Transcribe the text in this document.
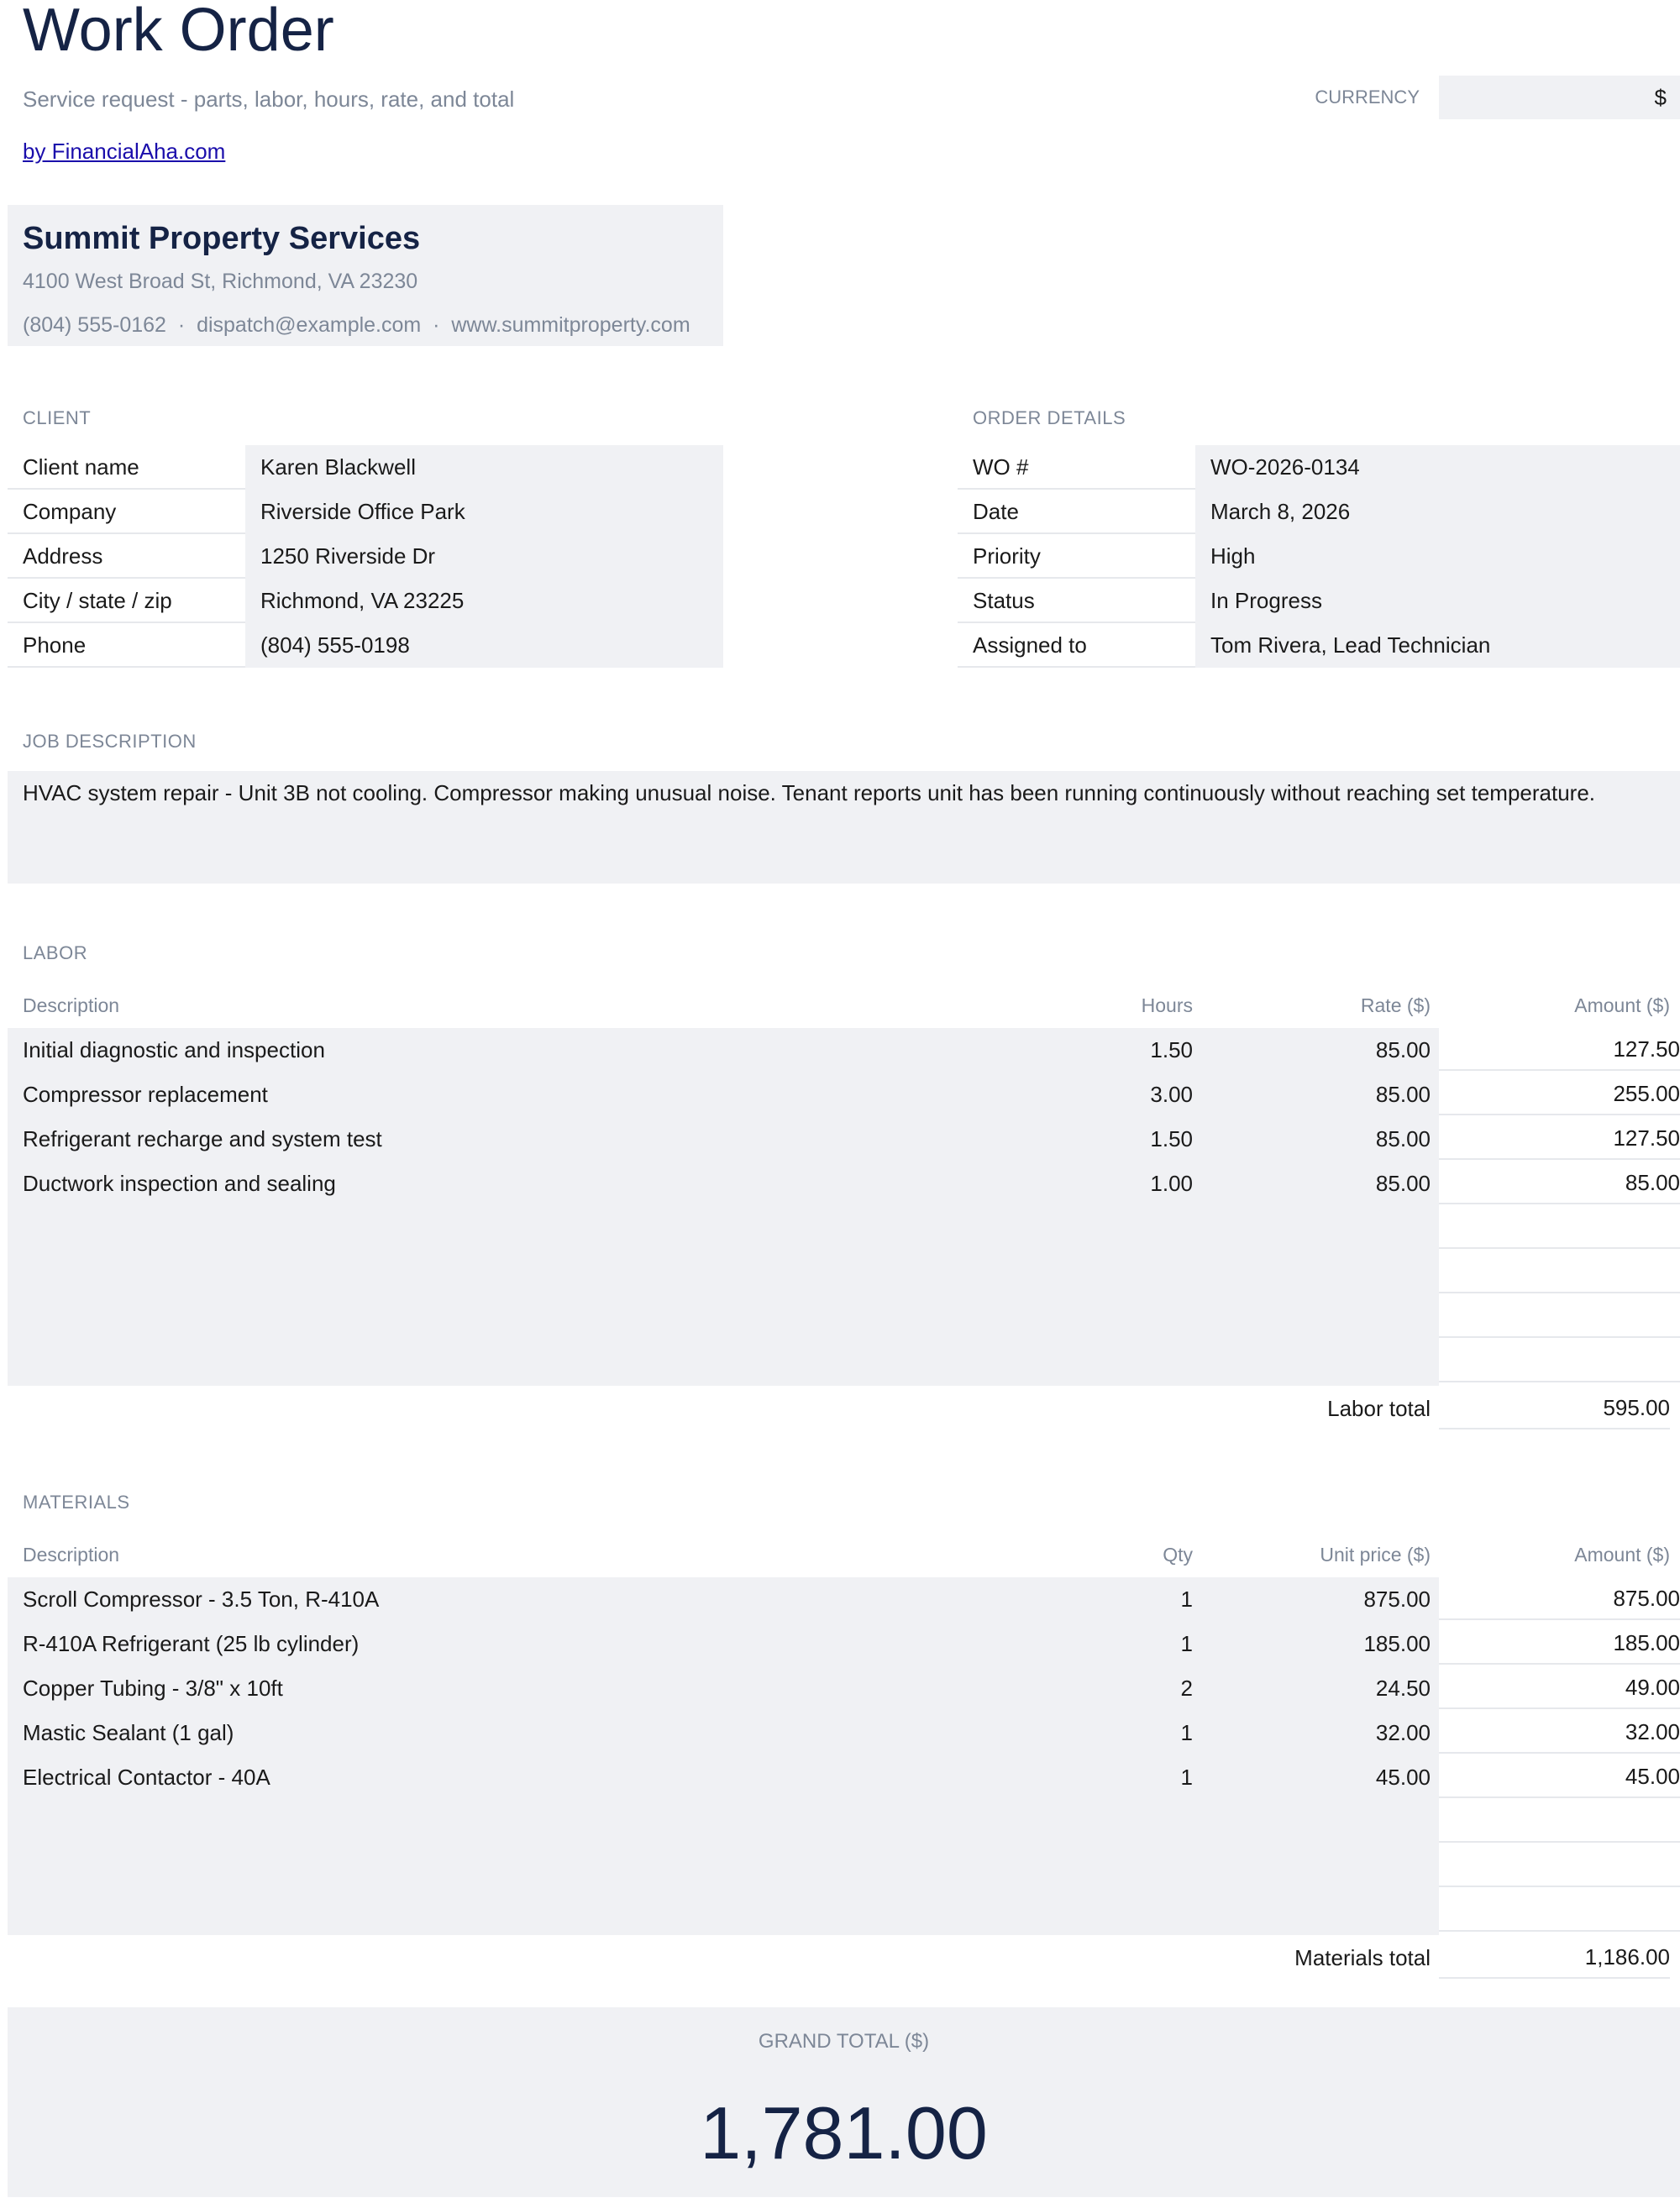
Work Order
Service request - parts, labor, hours, rate, and total
by FinancialAha.com
CURRENCY	$
Summit Property Services
4100 West Broad St, Richmond, VA 23230
(804) 555-0162  ·  dispatch@example.com  ·  www.summitproperty.com
CLIENT
Client name	Karen Blackwell
Company	Riverside Office Park
Address	1250 Riverside Dr
City / state / zip	Richmond, VA 23225
Phone	(804) 555-0198
ORDER DETAILS
WO #	WO-2026-0134
Date	March 8, 2026
Priority	High
Status	In Progress
Assigned to	Tom Rivera, Lead Technician
JOB DESCRIPTION
HVAC system repair - Unit 3B not cooling. Compressor making unusual noise. Tenant reports unit has been running continuously without reaching set temperature.
LABOR
Description	Hours	Rate ($)	Amount ($)
Initial diagnostic and inspection	1.50	85.00	127.50
Compressor replacement	3.00	85.00	255.00
Refrigerant recharge and system test	1.50	85.00	127.50
Ductwork inspection and sealing	1.00	85.00	85.00
Labor total	595.00
MATERIALS
Description	Qty	Unit price ($)	Amount ($)
Scroll Compressor - 3.5 Ton, R-410A	1	875.00	875.00
R-410A Refrigerant (25 lb cylinder)	1	185.00	185.00
Copper Tubing - 3/8" x 10ft	2	24.50	49.00
Mastic Sealant (1 gal)	1	32.00	32.00
Electrical Contactor - 40A	1	45.00	45.00
Materials total	1,186.00
GRAND TOTAL ($)
1,781.00
